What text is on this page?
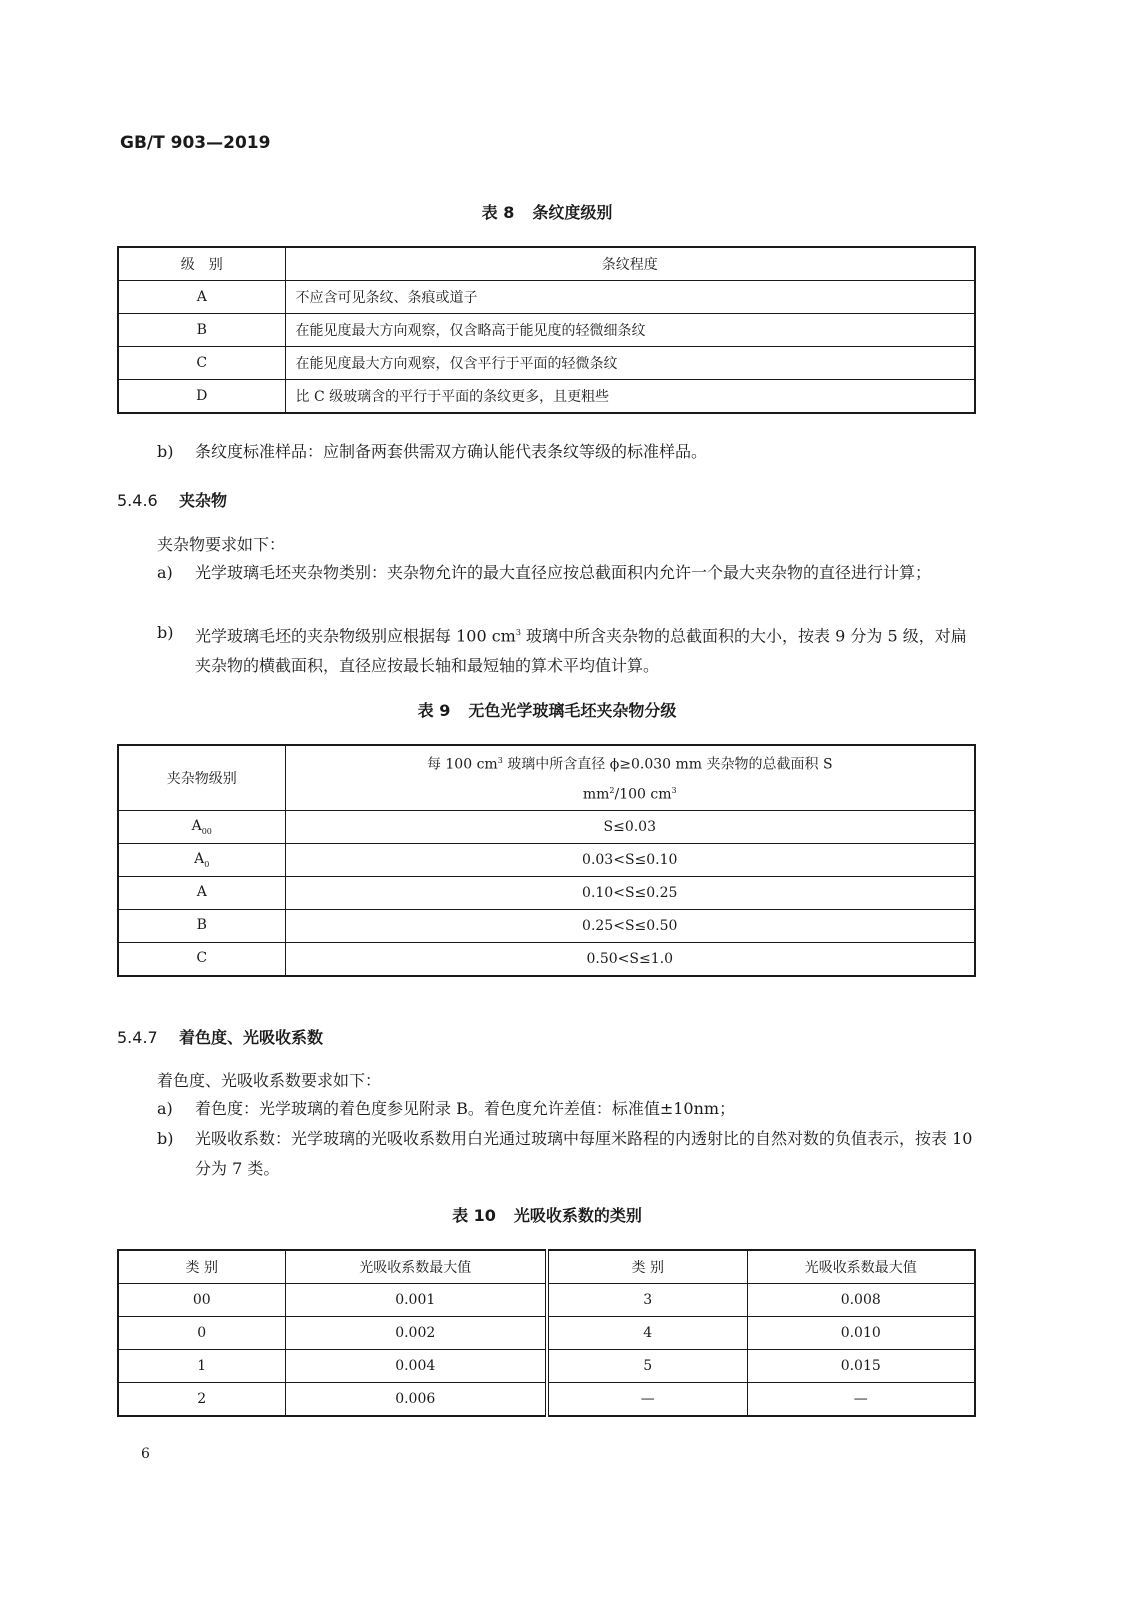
GB/T 903—2019
表 8 条纹度级别
级　别	条纹程度
A	不应含可见条纹、条痕或道子
B	在能见度最大方向观察，仅含略高于能见度的轻微细条纹
C	在能见度最大方向观察，仅含平行于平面的轻微条纹
D	比 C 级玻璃含的平行于平面的条纹更多，且更粗些
b)	条纹度标准样品：应制备两套供需双方确认能代表条纹等级的标准样品。
5.4.6 夹杂物
夹杂物要求如下：
a)	光学玻璃毛坯夹杂物类别：夹杂物允许的最大直径应按总截面积内允许一个最大夹杂物的直径进行计算；
b)	光学玻璃毛坯的夹杂物级别应根据每 100 $cm^3$ 玻璃中所含夹杂物的总截面积的大小，按表 9 分为 5 级，对扁夹杂物的横截面积，直径应按最长轴和最短轴的算术平均值计算。
表 9 无色光学玻璃毛坯夹杂物分级
夹杂物级别	每 100 $cm^3$ 玻璃中所含直径 ϕ≥0.030 mm 夹杂物的总截面积 S
$mm^2/100$ $cm^3$

$A_{00}$	S≤0.03
$A_0$	0.03<S≤0.10
A	0.10<S≤0.25
B	0.25<S≤0.50
C	0.50<S≤1.0
5.4.7 着色度、光吸收系数
着色度、光吸收系数要求如下：
a)	着色度：光学玻璃的着色度参见附录 B。着色度允许差值：标准值±10nm；
b)	光吸收系数：光学玻璃的光吸收系数用白光通过玻璃中每厘米路程的内透射比的自然对数的负值表示，按表 10 分为 7 类。
表 10 光吸收系数的类别
类 别	光吸收系数最大值	类 别	光吸收系数最大值
00	0.001	3	0.008
0	0.002	4	0.010
1	0.004	5	0.015
2	0.006	—	—
6
